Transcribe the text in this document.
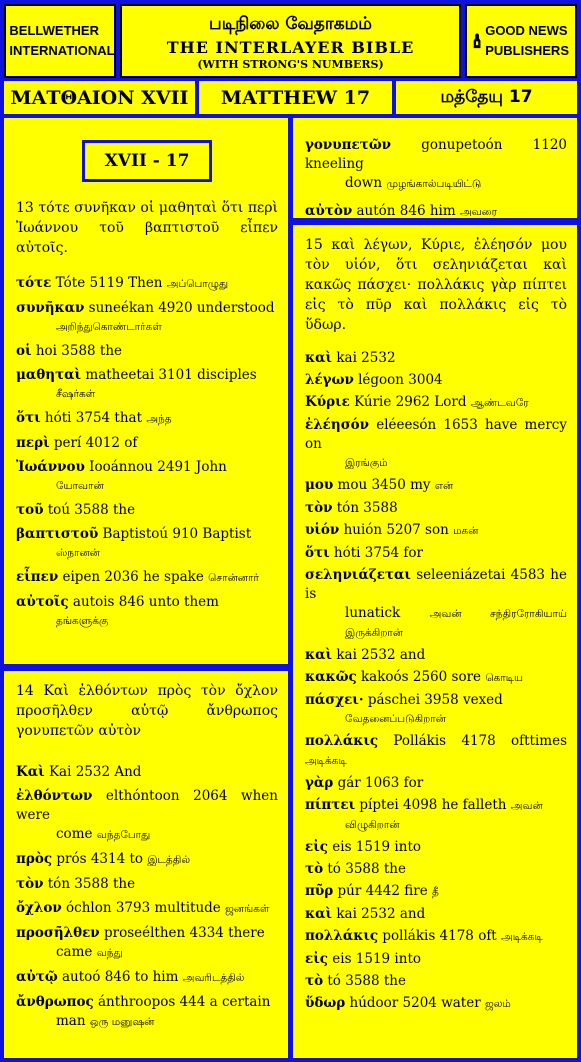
BELLWETHER INTERNATIONAL
படிநிலை வேதாகமம்
THE INTERLAYER BIBLE
(WITH STRONG'S NUMBERS)
GOOD NEWS PUBLISHERS
ΜΑΤΘΑΙΟΝ XVII	MATTHEW 17	மத்தேயு 17
XVII - 17
13 τότε συνῆκαν οἱ μαθηταὶ ὅτι περὶ Ἰωάννου τοῦ βαπτιστοῦ εἶπεν αὐτοῖς.
τότε Tóte 5119 Then அப்பொழுது
συνῆκαν suneékan 4920 understood
அறிந்துகொண்டார்கள்
οἱ hoi 3588 the
μαθηταὶ matheetai 3101 disciples
சீஷர்கள்
ὅτι hóti 3754 that அந்த
περὶ perí 4012 of
Ἰωάννου Iooánnou 2491 John
யோவான்
τοῦ toú 3588 the
βαπτιστοῦ Baptistoú 910 Baptist
ஸ்நானன்
εἶπεν eipen 2036 he spake சொன்னார்
αὐτοῖς autois 846 unto them
தங்களுக்கு
14 Καὶ ἐλθόντων πρὸς τὸν ὄχλον προσῆλθεν αὐτῷ ἄνθρωπος γονυπετῶν αὐτὸν
Καὶ Kai 2532 And
ἐλθόντων elthóntoon 2064 when were
come வந்தபோது
πρὸς prós 4314 to இடத்தில்
τὸν tón 3588 the
ὄχλον óchlon 3793 multitude ஜனங்கள்
προσῆλθεν proseélthen 4334 there
came வந்து
αὐτῷ autoó 846 to him அவரிடத்தில்
ἄνθρωπος ánthroopos 444 a certain
man ஒரு மனுஷன்
γονυπετῶν gonupetoón 1120 kneeling
down முழங்கால்படியிட்டு
αὐτὸν autón 846 him அவரை
15 καὶ λέγων, Κύριε, ἐλέησόν μου τὸν υἱόν, ὅτι σεληνιάζεται καὶ κακῶς πάσχει· πολλάκις γὰρ πίπτει εἰς τὸ πῦρ καὶ πολλάκις εἰς τὸ ὕδωρ.
καὶ kai 2532
λέγων légoon 3004
Κύριε Kúrie 2962 Lord ஆண்டவரே
ἐλέησόν eléeesón 1653 have mercy on
இரங்கும்
μου mou 3450 my என்
τὸν tón 3588
υἱόν huión 5207 son மகன்
ὅτι hóti 3754 for
σεληνιάζεται seleeniázetai 4583 he is
lunatick அவன் சந்திரரோகியாய் இருக்கிறான்
καὶ kai 2532 and
κακῶς kakoós 2560 sore கொடிய
πάσχει· páschei 3958 vexed
வேதனைப்படுகிறான்
πολλάκις Pollákis 4178 ofttimes அடிக்கடி
γὰρ gár 1063 for
πίπτει píptei 4098 he falleth அவன்
விழுகிறான்
εἰς eis 1519 into
τὸ tó 3588 the
πῦρ púr 4442 fire தீ
καὶ kai 2532 and
πολλάκις pollákis 4178 oft அடிக்கடி
εἰς eis 1519 into
τὸ tó 3588 the
ὕδωρ húdoor 5204 water ஜலம்
